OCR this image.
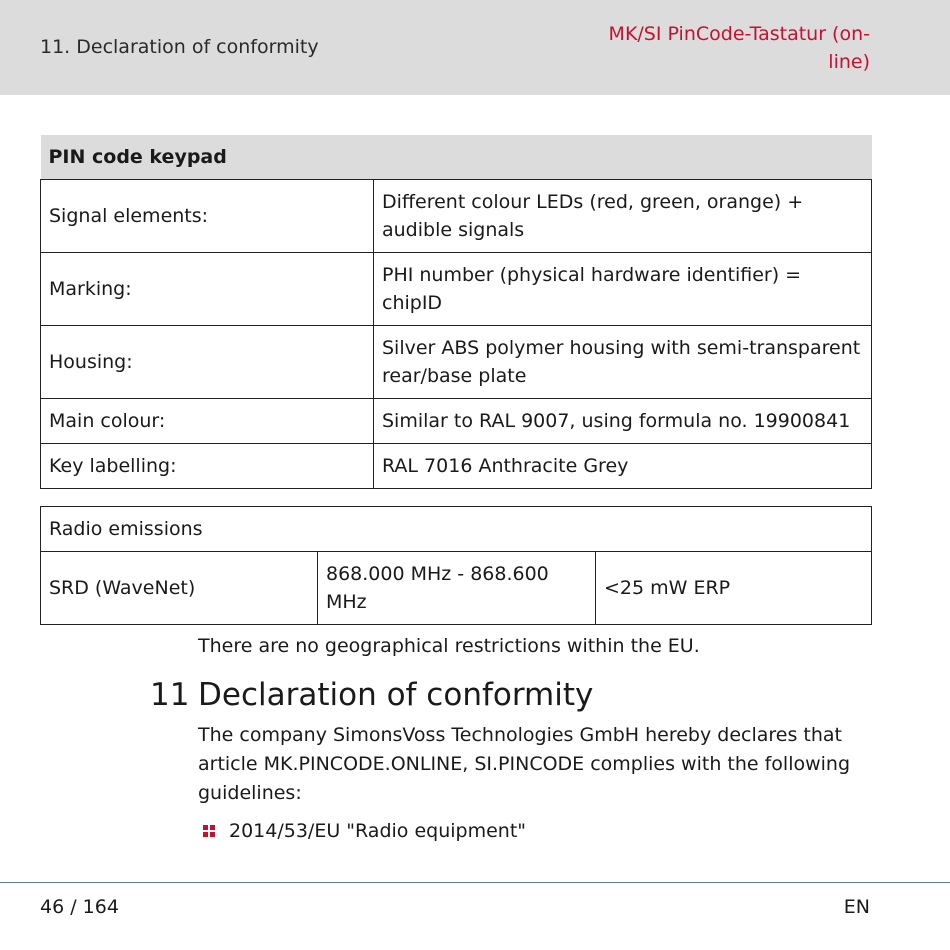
11. Declaration of conformity
MK/SI PinCode-Tastatur (on-
line)
PIN code keypad	
Signal elements:	Different colour LEDs (red, green, orange) + audible signals
Marking:	PHI number (physical hardware identifier) = chipID
Housing:	Silver ABS polymer housing with semi-transparent rear/base plate
Main colour:	Similar to RAL 9007, using formula no. 19900841
Key labelling:	RAL 7016 Anthracite Grey
Radio emissions
SRD (WaveNet)	868.000 MHz - 868.600 MHz	<25 mW ERP
There are no geographical restrictions within the EU.
11 Declaration of conformity
The company SimonsVoss Technologies GmbH hereby declares that article MK.PINCODE.ONLINE, SI.PINCODE complies with the following guidelines:
2014/53/EU "Radio equipment"
46 / 164	EN
